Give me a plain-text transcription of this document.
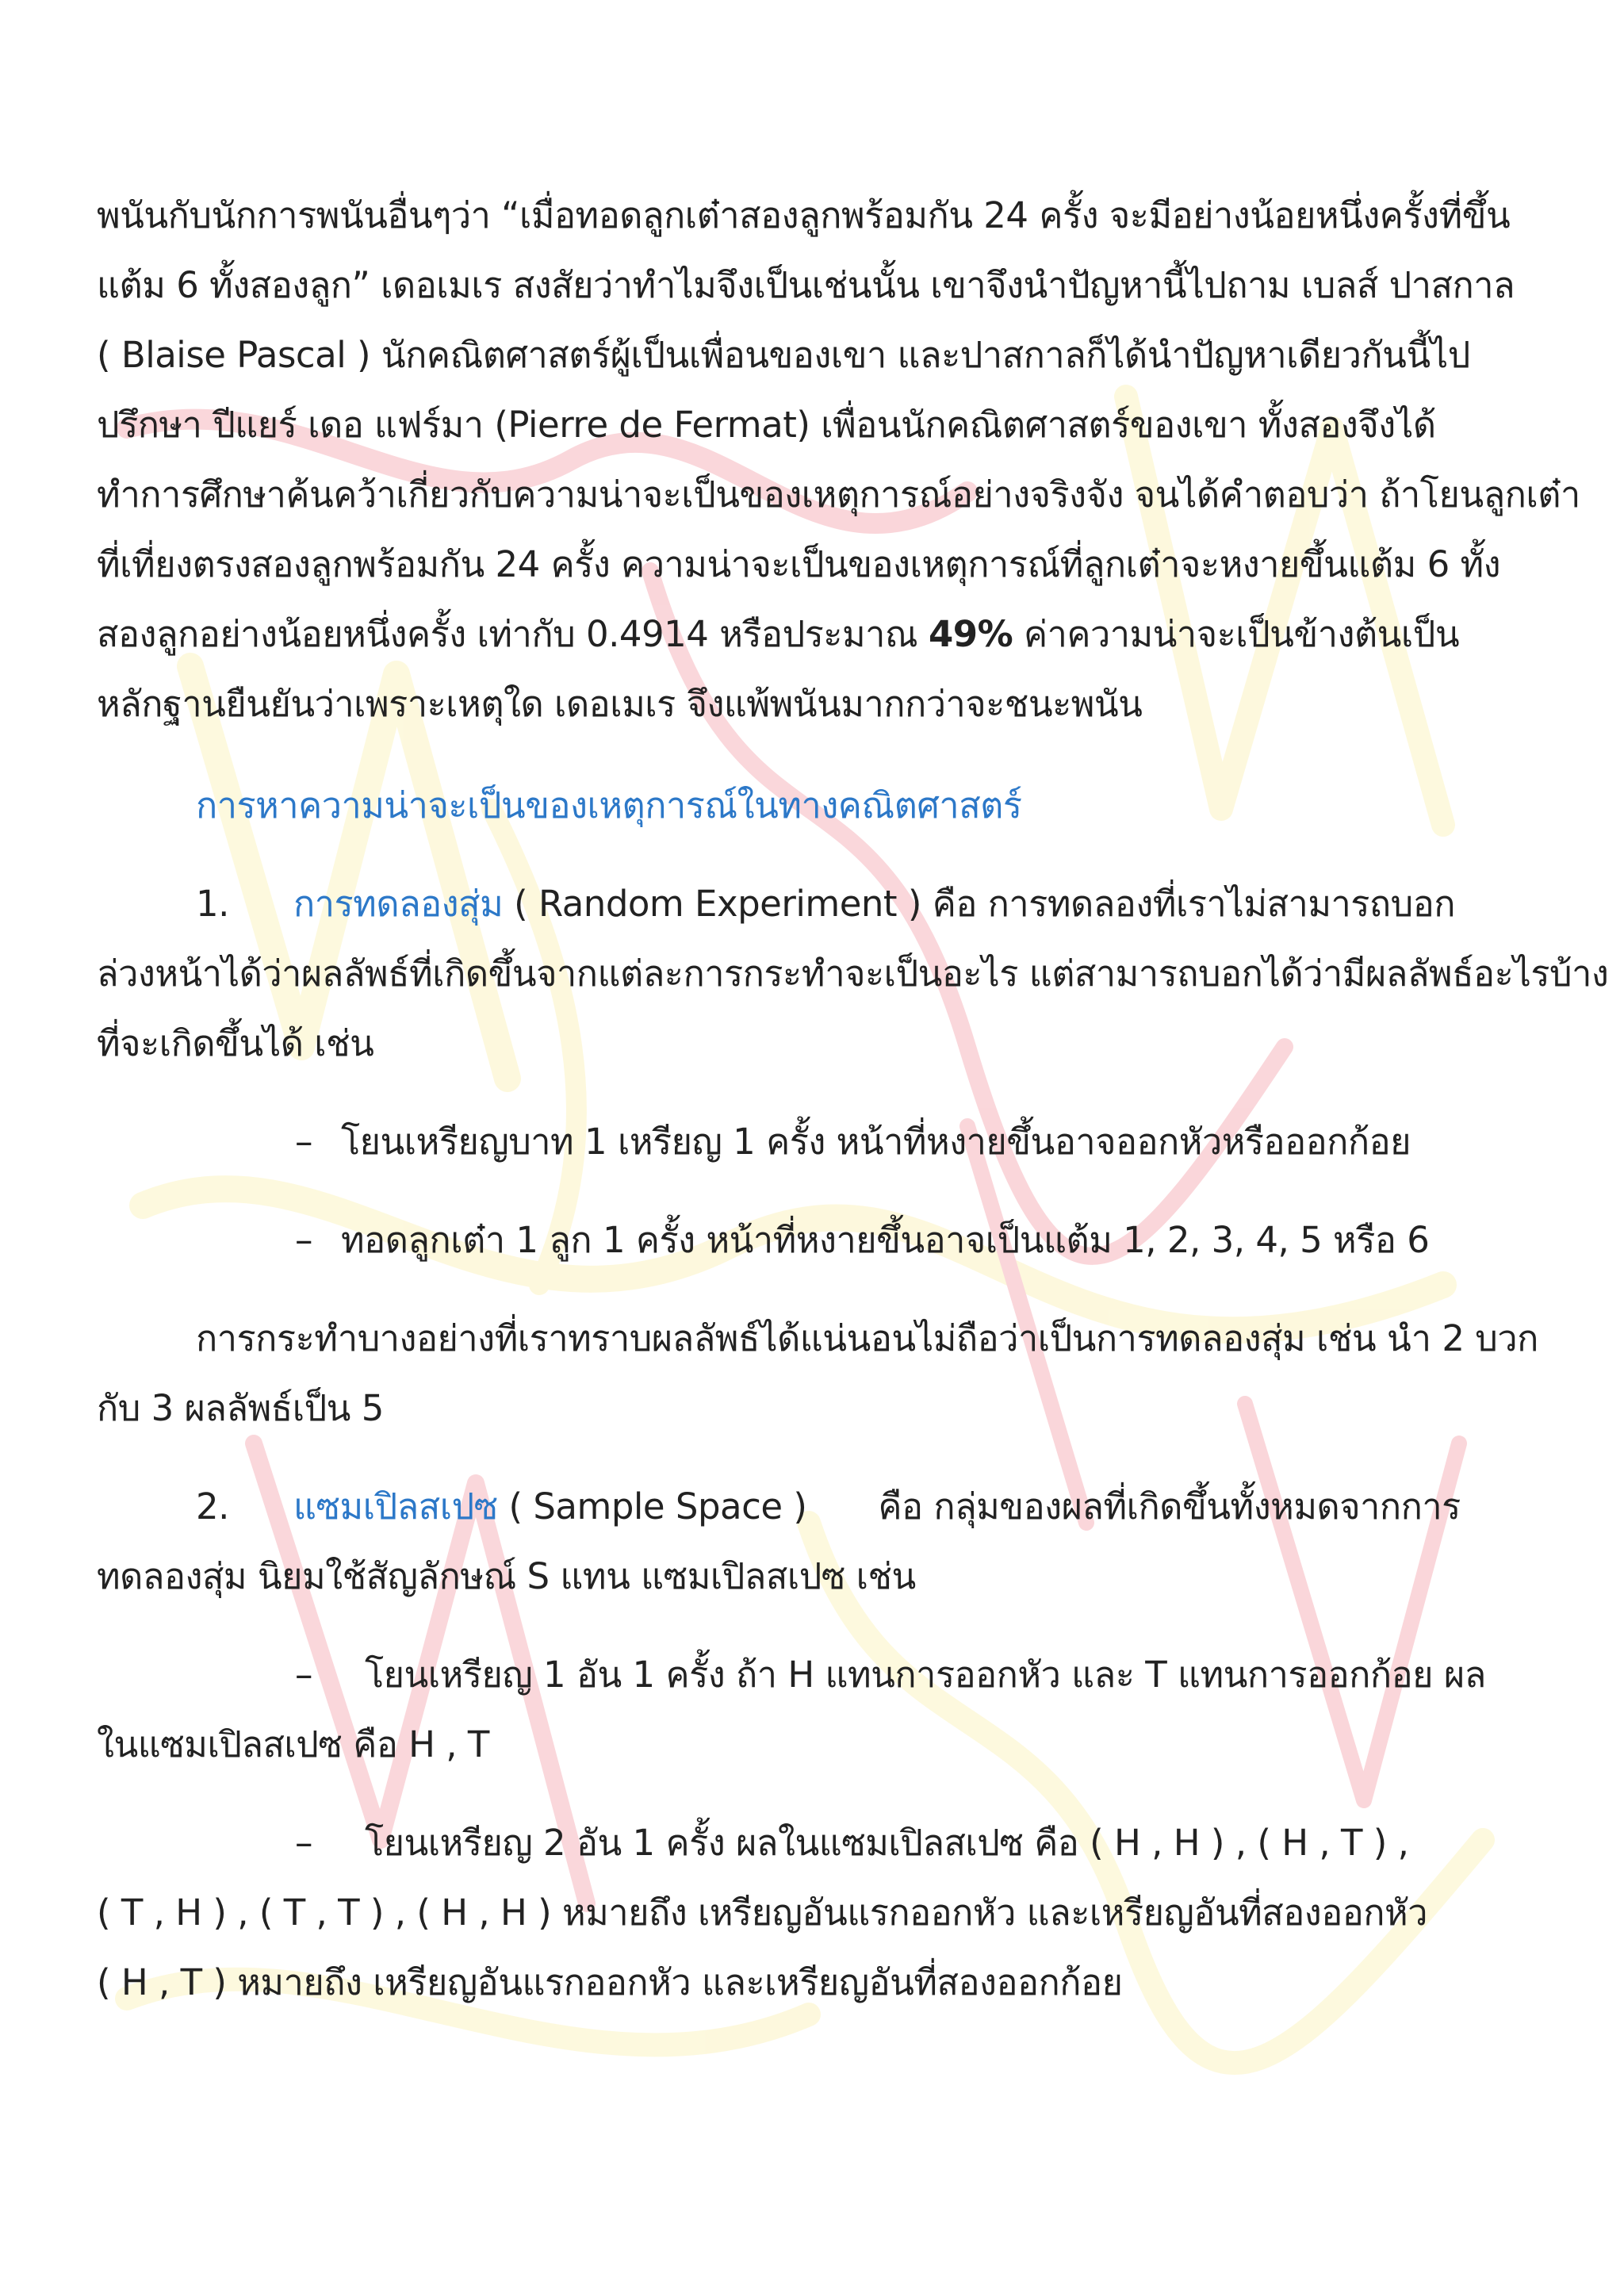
พนันกับนักการพนันอื่นๆว่า “เมื่อทอดลูกเต๋าสองลูกพร้อมกัน 24 ครั้ง จะมีอย่างน้อยหนึ่งครั้งที่ขึ้น
แต้ม 6 ทั้งสองลูก” เดอเมเร สงสัยว่าทำไมจึงเป็นเช่นนั้น เขาจึงนำปัญหานี้ไปถาม เบลส์ ปาสกาล
( Blaise Pascal ) นักคณิตศาสตร์ผู้เป็นเพื่อนของเขา และปาสกาลก็ได้นำปัญหาเดียวกันนี้ไป
ปรึกษา ปีแยร์ เดอ แฟร์มา (Pierre de Fermat) เพื่อนนักคณิตศาสตร์ของเขา ทั้งสองจึงได้
ทำการศึกษาค้นคว้าเกี่ยวกับความน่าจะเป็นของเหตุการณ์อย่างจริงจัง จนได้คำตอบว่า ถ้าโยนลูกเต๋า
ที่เที่ยงตรงสองลูกพร้อมกัน 24 ครั้ง ความน่าจะเป็นของเหตุการณ์ที่ลูกเต๋าจะหงายขึ้นแต้ม 6 ทั้ง
สองลูกอย่างน้อยหนึ่งครั้ง เท่ากับ 0.4914 หรือประมาณ 49% ค่าความน่าจะเป็นข้างต้นเป็น
หลักฐานยืนยันว่าเพราะเหตุใด เดอเมเร จึงแพ้พนันมากกว่าจะชนะพนัน
การหาความน่าจะเป็นของเหตุการณ์ในทางคณิตศาสตร์
1. การทดลองสุ่ม ( Random Experiment ) คือ การทดลองที่เราไม่สามารถบอก
ล่วงหน้าได้ว่าผลลัพธ์ที่เกิดขึ้นจากแต่ละการกระทำจะเป็นอะไร แต่สามารถบอกได้ว่ามีผลลัพธ์อะไรบ้าง
ที่จะเกิดขึ้นได้ เช่น
– โยนเหรียญบาท 1 เหรียญ 1 ครั้ง หน้าที่หงายขึ้นอาจออกหัวหรือออกก้อย
– ทอดลูกเต๋า 1 ลูก 1 ครั้ง หน้าที่หงายขึ้นอาจเป็นแต้ม 1, 2, 3, 4, 5 หรือ 6
การกระทำบางอย่างที่เราทราบผลลัพธ์ได้แน่นอนไม่ถือว่าเป็นการทดลองสุ่ม เช่น นำ 2 บวก
กับ 3 ผลลัพธ์เป็น 5
2. แซมเปิลสเปซ ( Sample Space ) คือ กลุ่มของผลที่เกิดขึ้นทั้งหมดจากการ
ทดลองสุ่ม นิยมใช้สัญลักษณ์ S แทน แซมเปิลสเปซ เช่น
– โยนเหรียญ 1 อัน 1 ครั้ง ถ้า H แทนการออกหัว และ T แทนการออกก้อย ผล
ในแซมเปิลสเปซ คือ H , T
– โยนเหรียญ 2 อัน 1 ครั้ง ผลในแซมเปิลสเปซ คือ ( H , H ) , ( H , T ) ,
( T , H ) , ( T , T ) , ( H , H ) หมายถึง เหรียญอันแรกออกหัว และเหรียญอันที่สองออกหัว
( H , T ) หมายถึง เหรียญอันแรกออกหัว และเหรียญอันที่สองออกก้อย
